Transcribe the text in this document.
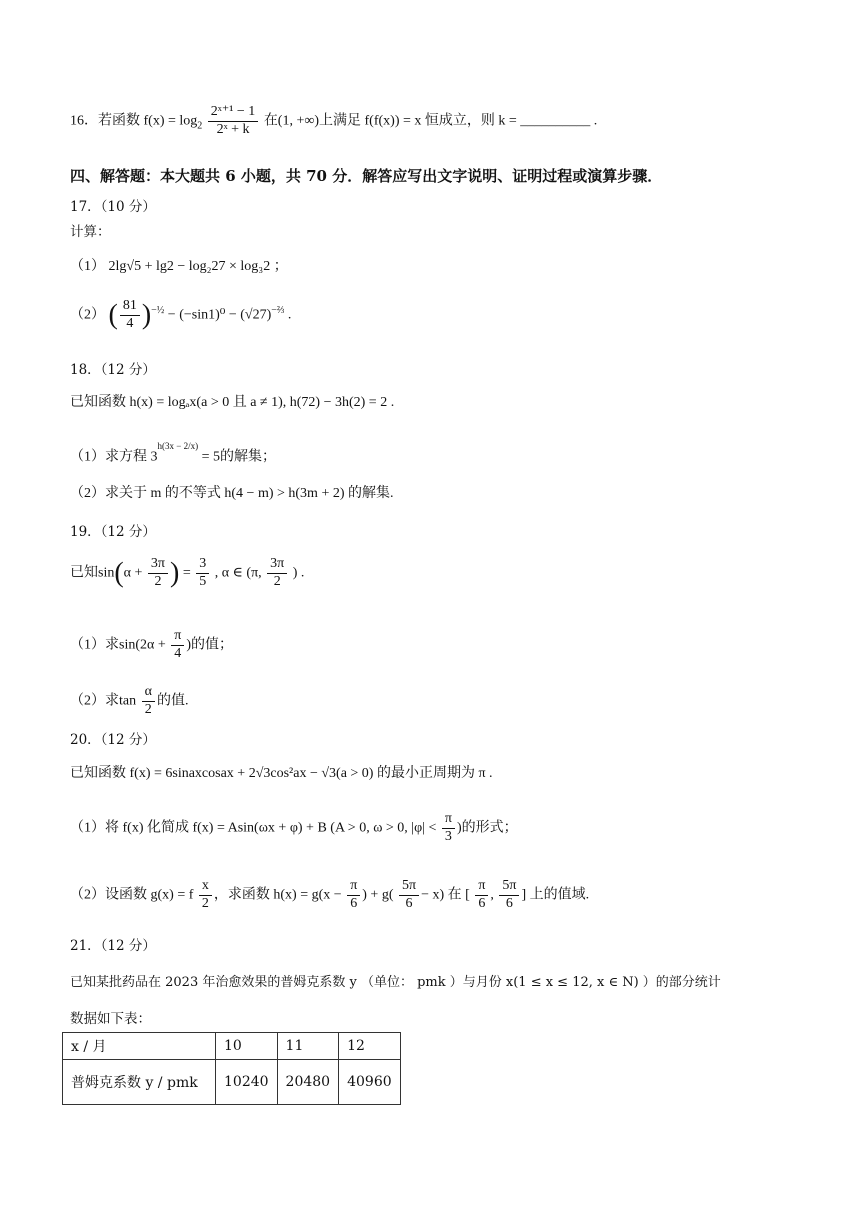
16．若函数 $f(x) = \log_2 \frac{\text{2ˣ⁺¹ − 1}}{\text{2ˣ + k}}$ 在(1, +∞)上满足 f(f(x)) = x 恒成立，则 k = __________ .
四、解答题：本大题共 6 小题，共 70 分．解答应写出文字说明、证明过程或演算步骤．
17．（10 分）
计算：
（1） 2lg√5 + lg2 − log₂27 × log₃2 ；
（2） ( $\frac{81}{4} )^{-\frac{1}{2}} - (-\sin 1)^0 - (√27)^{-\frac{2}{3}}$ .
18．（12 分）
已知函数 h(x) = logₐx(a > 0 且 a ≠ 1), h(72) − 3h(2) = 2 .
（1）求方程 $3^{h(3x - 2/x)} = 5$的解集；
（2）求关于 m 的不等式 h(4 − m) > h(3m + 2) 的解集.
19．（12 分）
已知$\sin(\alpha + \frac{3\pi}{2}$ ) = $\frac{3}{5}$ , α ∈ (π, $\frac{3\pi}{2}$ ) .
（1）求$\sin(2\alpha + \frac{\pi}{4}$ )的值；
（2）求$\tan \frac{\alpha}{2}$ 的值.
20．（12 分）
已知函数 f(x) = 6sinaxcosax + 2√3cos²ax − √3(a > 0) 的最小正周期为 π .
（1）将 f(x) 化简成 f(x) = Asin(ωx + φ) + B (A > 0, ω > 0, $|\varphi| < \frac{\pi}{3}$ )的形式；
（2）设函数 g(x) = f $\frac{x}{2}$ ，求函数 $h(x) = g(x - \frac{\pi}{6}$ ) + $g( \frac{5\pi}{6} - x)$ 在 [ $\frac{\pi}{6}$ , $\frac{5\pi}{6}$ ] 上的值域.
21．（12 分）
已知某批药品在 2023 年治愈效果的普姆克系数 y （单位： pmk ）与月份 x(1 ≤ x ≤ 12, x ∈ N) ）的部分统计
数据如下表：
x / 月	10	11	12
普姆克系数 y / pmk	10240	20480	40960
